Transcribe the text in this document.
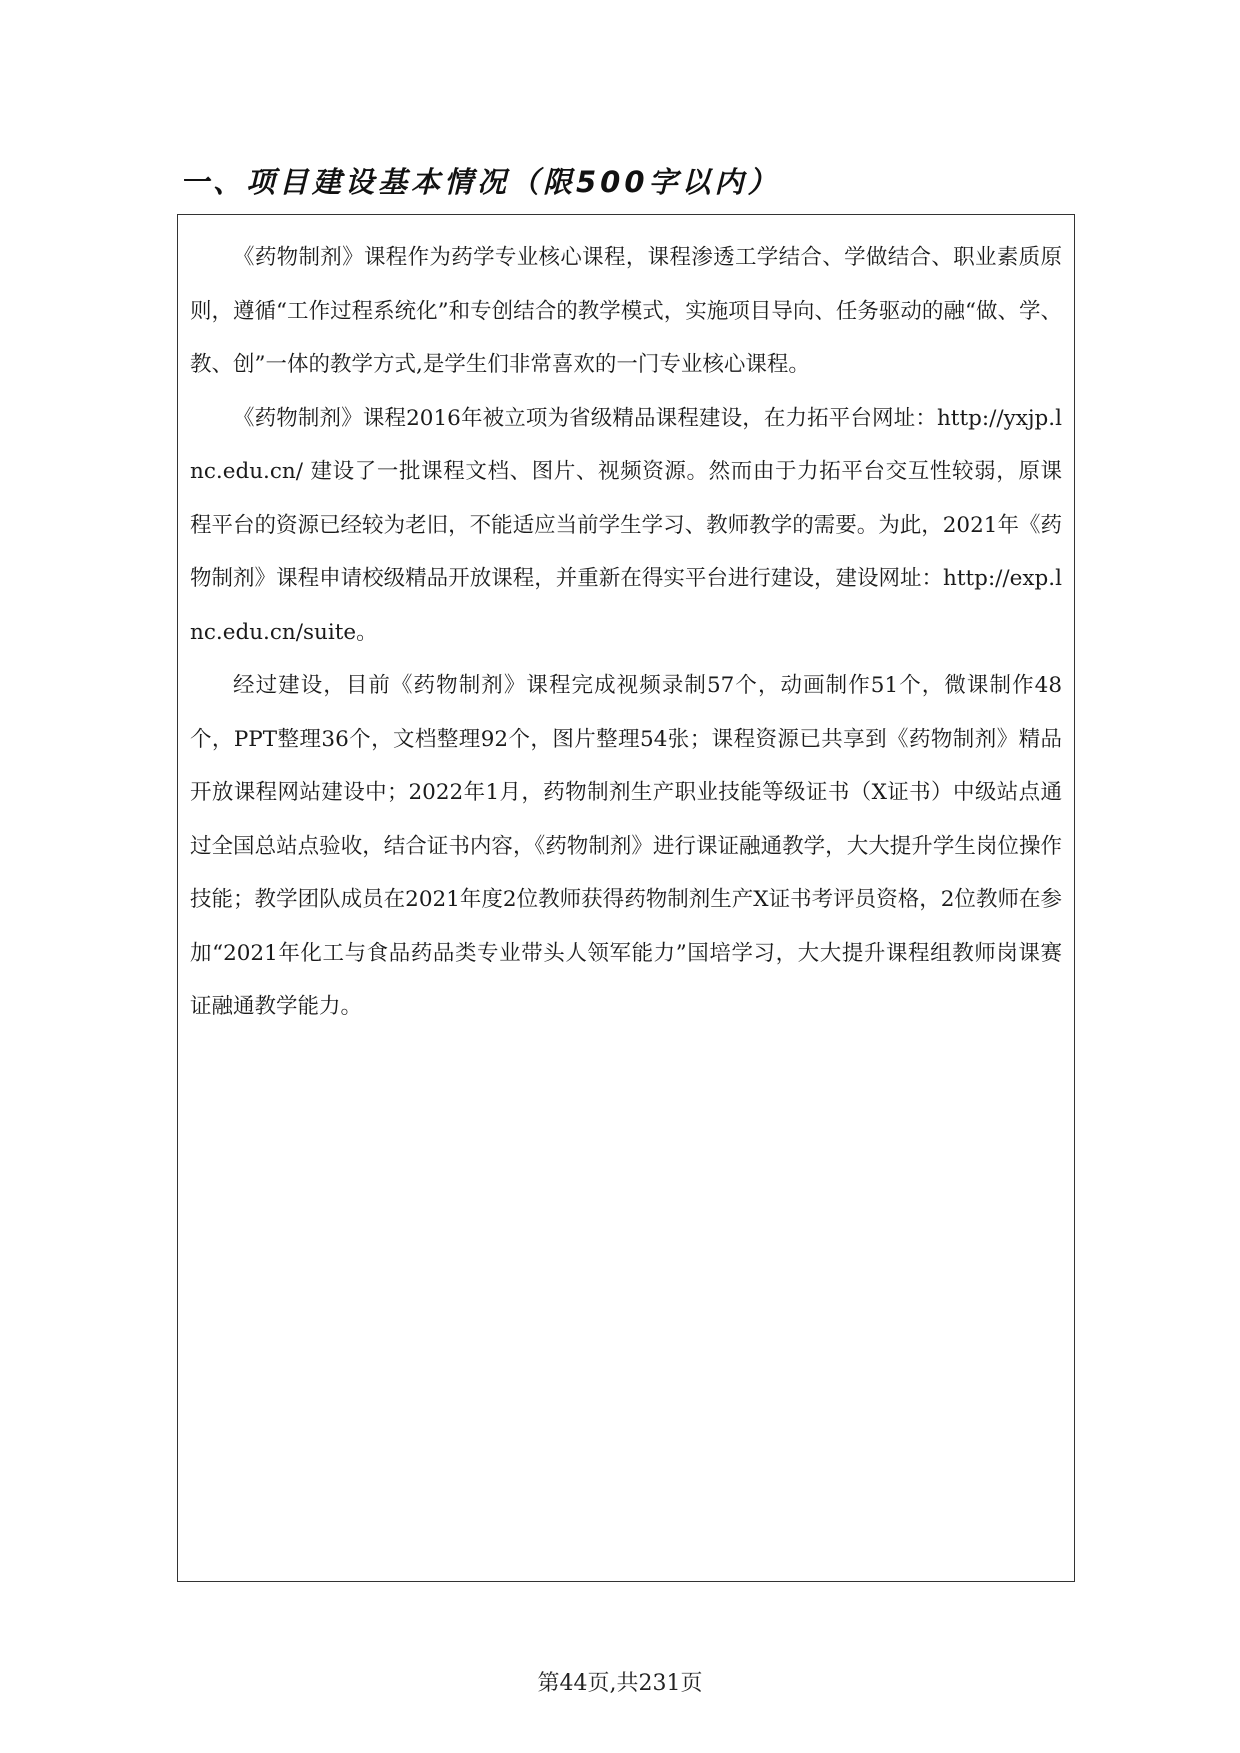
一、项目建设基本情况（限500字以内）

《药物制剂》课程作为药学专业核心课程，课程渗透工学结合、学做结合、职业素质原则，遵循“工作过程系统化”和专创结合的教学模式，实施项目导向、任务驱动的融“做、学、教、创”一体的教学方式,是学生们非常喜欢的一门专业核心课程。

《药物制剂》课程2016年被立项为省级精品课程建设，在力拓平台网址：http://yxjp.lnc.edu.cn/ 建设了一批课程文档、图片、视频资源。然而由于力拓平台交互性较弱，原课程平台的资源已经较为老旧，不能适应当前学生学习、教师教学的需要。为此，2021年《药物制剂》课程申请校级精品开放课程，并重新在得实平台进行建设，建设网址：http://exp.lnc.edu.cn/suite。

经过建设，目前《药物制剂》课程完成视频录制57个，动画制作51个，微课制作48个，PPT整理36个，文档整理92个，图片整理54张；课程资源已共享到《药物制剂》精品开放课程网站建设中；2022年1月，药物制剂生产职业技能等级证书（X证书）中级站点通过全国总站点验收，结合证书内容，《药物制剂》进行课证融通教学，大大提升学生岗位操作技能；教学团队成员在2021年度2位教师获得药物制剂生产X证书考评员资格，2位教师在参加“2021年化工与食品药品类专业带头人领军能力”国培学习，大大提升课程组教师岗课赛证融通教学能力。

第44页,共231页
